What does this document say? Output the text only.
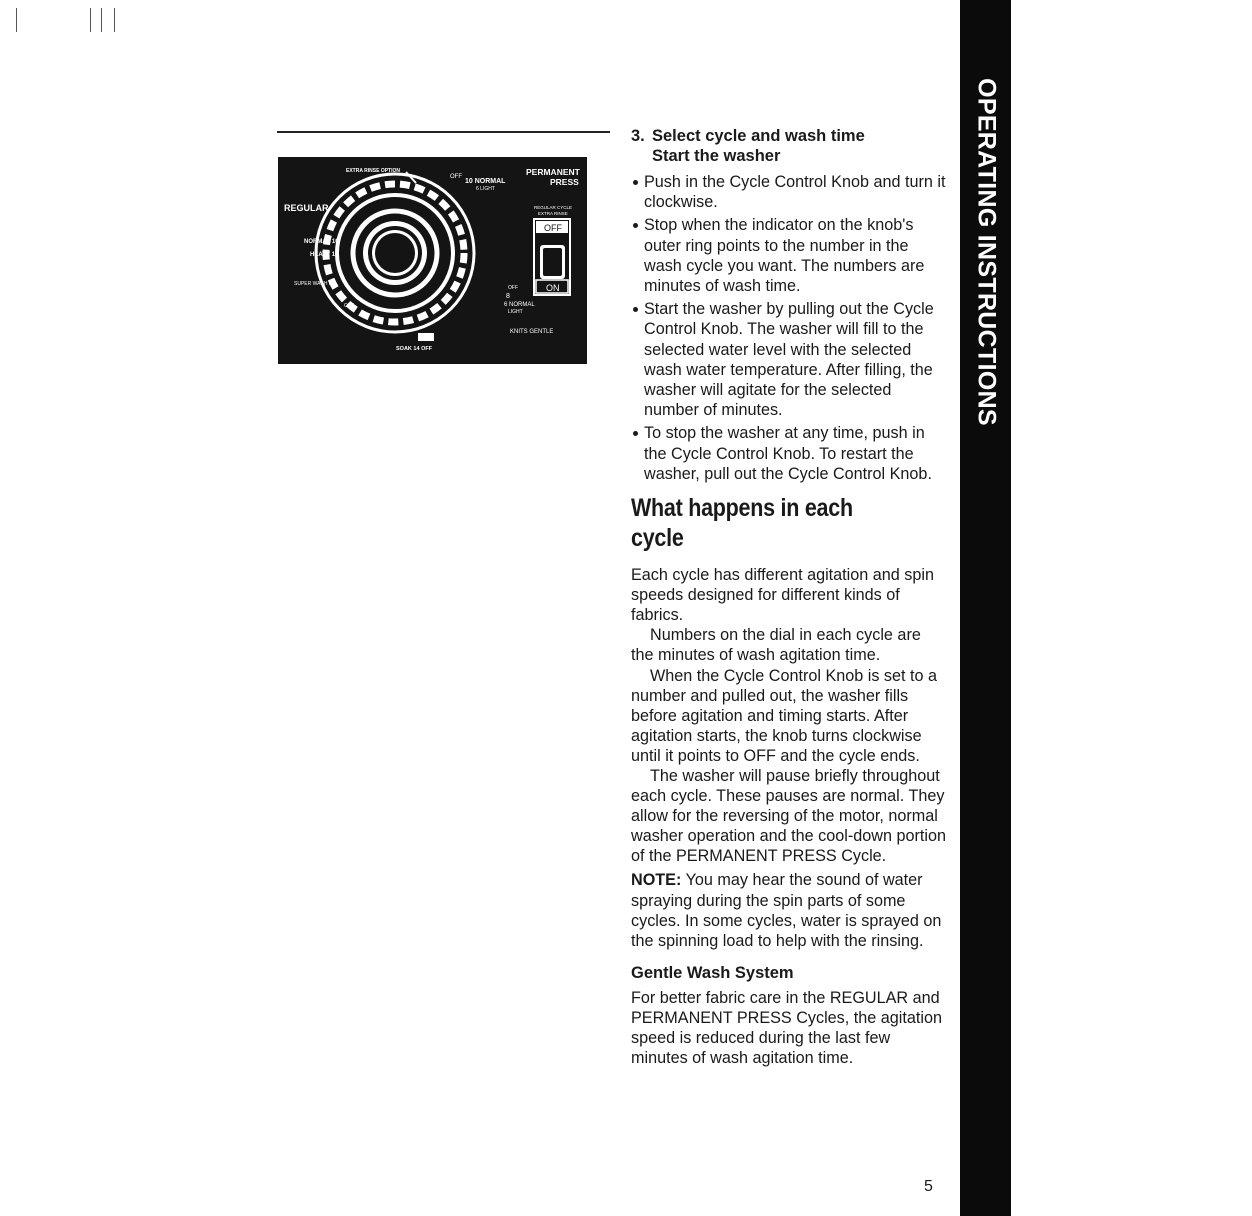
EXTRA RINSE OPTION
OFF
10 NORMAL
6 LIGHT
PERMANENT
PRESS
REGULAR
NORMAL 10
HEAVY 14
SUPER WASH 8
OFF
REGULAR CYCLE
EXTRA RINSE
OFF
ON
OFF
8
6 NORMAL
LIGHT
KNITS GENTLE
SOAK 14 OFF
3. Select cycle and wash time
Start the washer
Push in the Cycle Control Knob and turn it clockwise.
Stop when the indicator on the knob's outer ring points to the number in the wash cycle you want. The numbers are minutes of wash time.
Start the washer by pulling out the Cycle Control Knob. The washer will fill to the selected water level with the selected wash water temperature. After filling, the washer will agitate for the selected number of minutes.
To stop the washer at any time, push in the Cycle Control Knob. To restart the washer, pull out the Cycle Control Knob.
What happens in each cycle

Each cycle has different agitation and spin speeds designed for different kinds of fabrics.

Numbers on the dial in each cycle are the minutes of wash agitation time.

When the Cycle Control Knob is set to a number and pulled out, the washer fills before agitation and timing starts. After agitation starts, the knob turns clockwise until it points to OFF and the cycle ends.

The washer will pause briefly throughout each cycle. These pauses are normal. They allow for the reversing of the motor, normal washer operation and the cool-down portion of the PERMANENT PRESS Cycle.

NOTE: You may hear the sound of water spraying during the spin parts of some cycles. In some cycles, water is sprayed on the spinning load to help with the rinsing.

Gentle Wash System

For better fabric care in the REGULAR and PERMANENT PRESS Cycles, the agitation speed is reduced during the last few minutes of wash agitation time.

5
OPERATING INSTRUCTIONS
